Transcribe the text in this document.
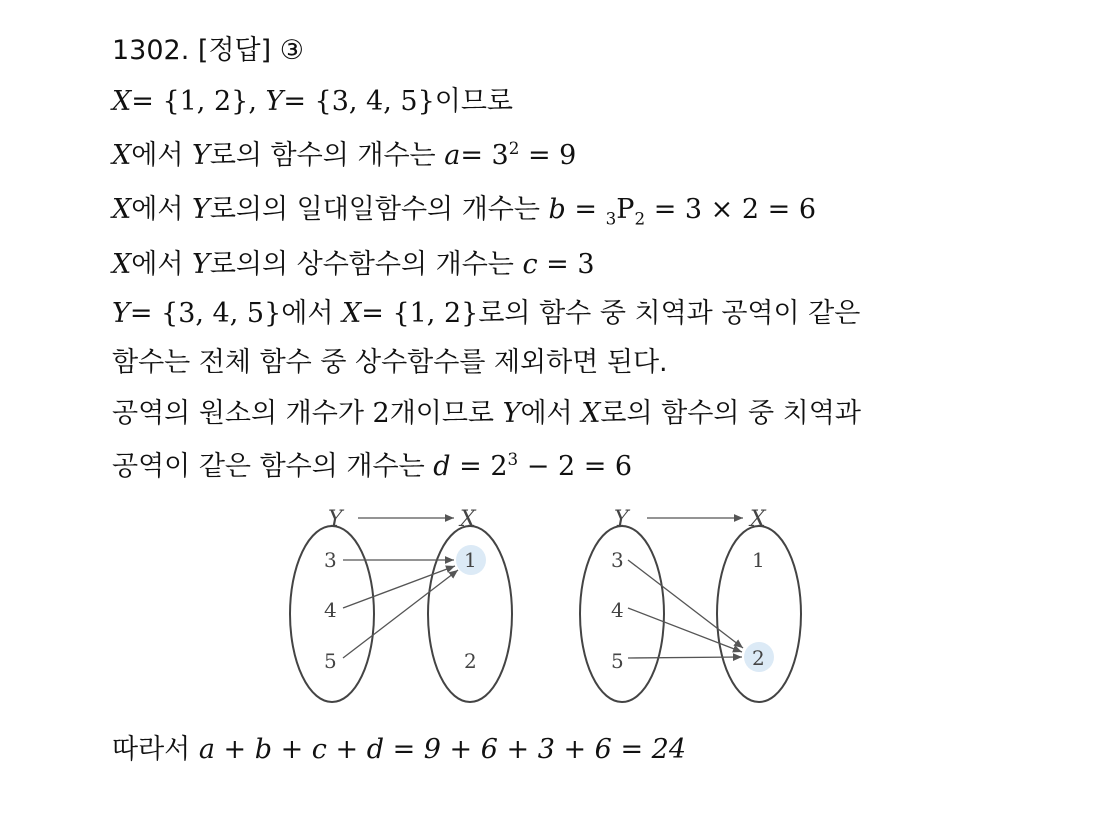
1302. [정답] ③
X= {1, 2}, Y= {3, 4, 5}이므로
X에서 Y로의 함수의 개수는 $a= 3^2 = 9$
X에서 Y로의의 일대일함수의 개수는 $b = _3P_2 = 3 \times 2 = 6$
X에서 Y로의의 상수함수의 개수는 c = 3
Y= {3, 4, 5}에서 X= {1, 2}로의 함수 중 치역과 공역이 같은
함수는 전체 함수 중 상수함수를 제외하면 된다.
공역의 원소의 개수가 2개이므로 Y에서 X로의 함수의 중 치역과
공역이 같은 함수의 개수는 $d = 2^3 - 2 = 6$
Y	X
3
4
5
1
2
Y	X
3
4
5
1
2
따라서 a + b + c + d = 9 + 6 + 3 + 6 = 24
